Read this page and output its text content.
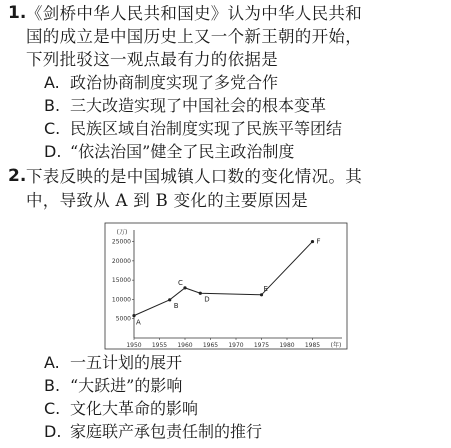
1. 《剑桥中华人民共和国史》认为中华人民共和
国的成立是中国历史上又一个新王朝的开始，
下列批驳这一观点最有力的依据是
A. 政治协商制度实现了多党合作
B. 三大改造实现了中国社会的根本变革
C. 民族区域自治制度实现了民族平等团结
D. “依法治国”健全了民主政治制度
2. 下表反映的是中国城镇人口数的变化情况。其
中，导致从 A 到 B 变化的主要原因是
(万)
5000
10000
15000
20000
25000
1950 1955 1960 1965 1970 1975 1980 1985 (年)
A
B
C
D
E
F
A. 一五计划的展开
B. “大跃进”的影响
C. 文化大革命的影响
D. 家庭联产承包责任制的推行
